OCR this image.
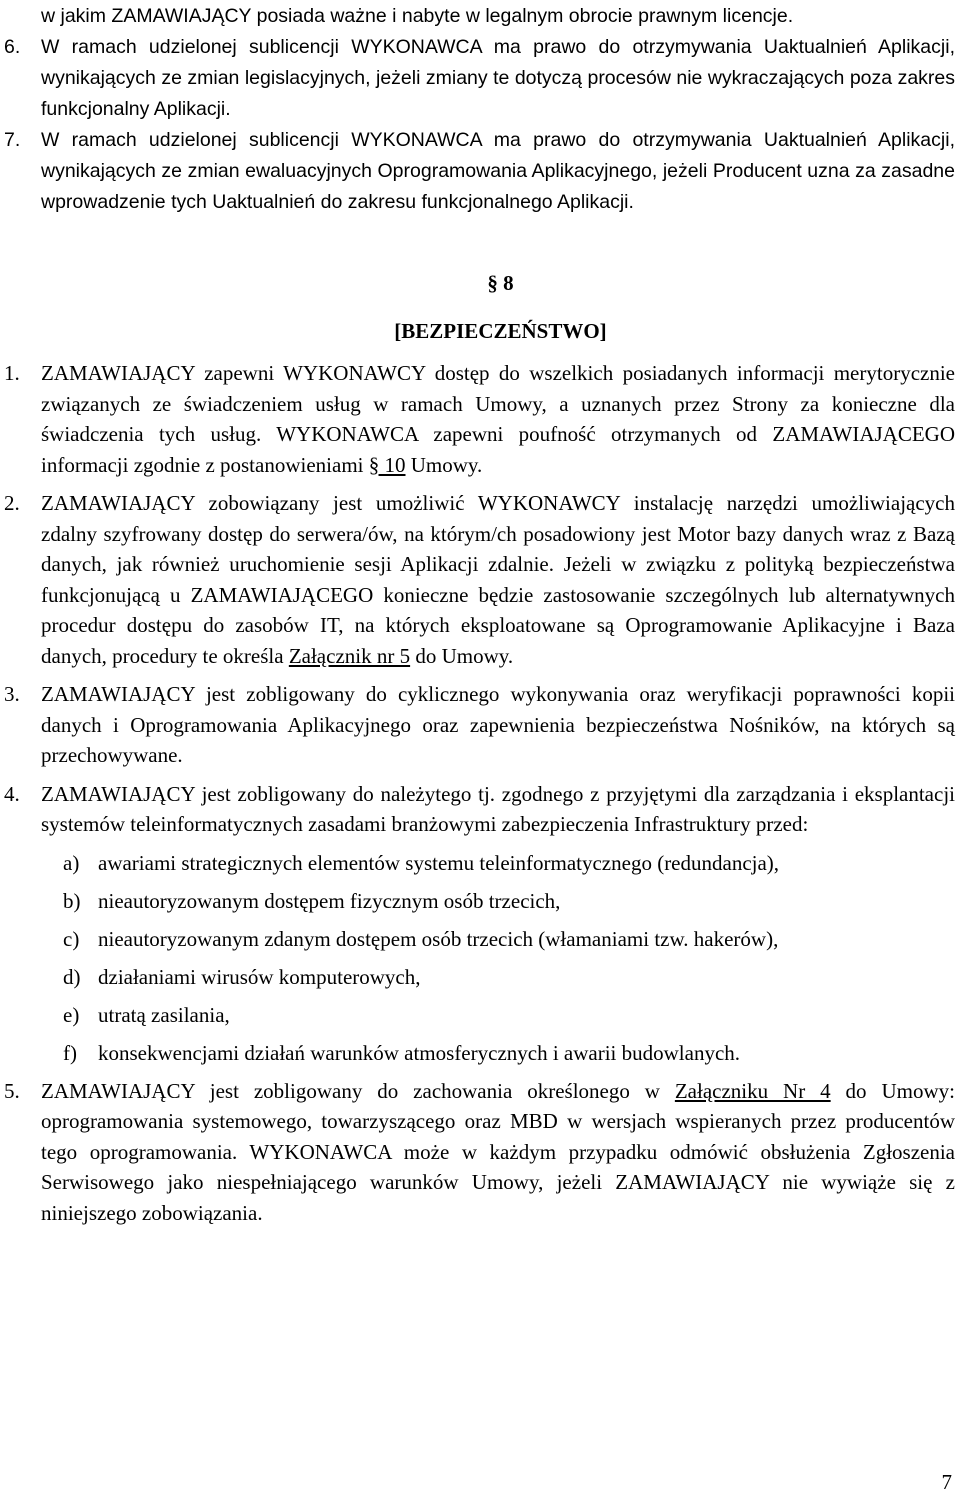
w jakim ZAMAWIAJĄCY posiada ważne i nabyte w legalnym obrocie prawnym licencje.
6.	W ramach udzielonej sublicencji WYKONAWCA ma prawo do otrzymywania Uaktualnień Aplikacji, wynikających ze zmian legislacyjnych, jeżeli zmiany te dotyczą procesów nie wykraczających poza zakres funkcjonalny Aplikacji.
7.	W ramach udzielonej sublicencji WYKONAWCA ma prawo do otrzymywania Uaktualnień Aplikacji, wynikających ze zmian ewaluacyjnych Oprogramowania Aplikacyjnego, jeżeli Producent uzna za zasadne wprowadzenie tych Uaktualnień do zakresu funkcjonalnego Aplikacji.
§ 8
[BEZPIECZEŃSTWO]
1.	ZAMAWIAJĄCY zapewni WYKONAWCY dostęp do wszelkich posiadanych informacji merytorycznie związanych ze świadczeniem usług w ramach Umowy, a uznanych przez Strony za konieczne dla świadczenia tych usług. WYKONAWCA zapewni poufność otrzymanych od ZAMAWIAJĄCEGO informacji zgodnie z postanowieniami § 10 Umowy.
2.	ZAMAWIAJĄCY zobowiązany jest umożliwić WYKONAWCY instalację narzędzi umożliwiających zdalny szyfrowany dostęp do serwera/ów, na którym/ch posadowiony jest Motor bazy danych wraz z Bazą danych, jak również uruchomienie sesji Aplikacji zdalnie. Jeżeli w związku z polityką bezpieczeństwa funkcjonującą u ZAMAWIAJĄCEGO konieczne będzie zastosowanie szczególnych lub alternatywnych procedur dostępu do zasobów IT, na których eksploatowane są Oprogramowanie Aplikacyjne i Baza danych, procedury te określa Załącznik nr 5 do Umowy.
3.	ZAMAWIAJĄCY jest zobligowany do cyklicznego wykonywania oraz weryfikacji poprawności kopii danych i Oprogramowania Aplikacyjnego oraz zapewnienia bezpieczeństwa Nośników, na których są przechowywane.
4.	ZAMAWIAJĄCY jest zobligowany do należytego tj. zgodnego z przyjętymi dla zarządzania i eksplantacji systemów teleinformatycznych zasadami branżowymi zabezpieczenia Infrastruktury przed:
a) awariami strategicznych elementów systemu teleinformatycznego (redundancja),
b) nieautoryzowanym dostępem fizycznym osób trzecich,
c) nieautoryzowanym zdanym dostępem osób trzecich (włamaniami tzw. hakerów),
d) działaniami wirusów komputerowych,
e) utratą zasilania,
f)	konsekwencjami działań warunków atmosferycznych i awarii budowlanych.
5.	ZAMAWIAJĄCY jest zobligowany do zachowania określonego w Załączniku Nr 4 do Umowy: oprogramowania systemowego, towarzyszącego oraz MBD w wersjach wspieranych przez producentów tego oprogramowania. WYKONAWCA może w każdym przypadku odmówić obsłużenia Zgłoszenia Serwisowego jako niespełniającego warunków Umowy, jeżeli ZAMAWIAJĄCY nie wywiąże się z niniejszego zobowiązania.
7
